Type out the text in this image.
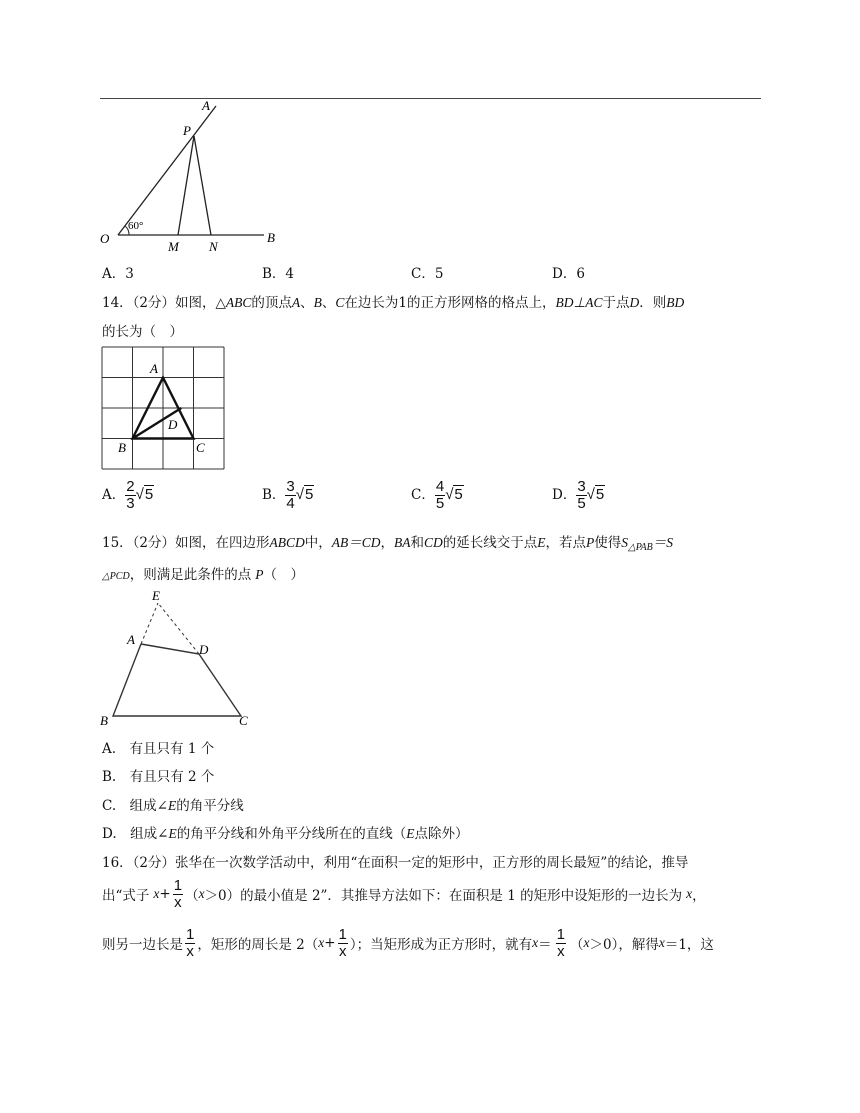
A
P
O
M N
B
60°
A．3	B．4	C．5	D．6
14．（2分）如图，△ABC的顶点A、B、C在边长为1的正方形网格的格点上，BD⊥AC于点D．则BD
的长为（　）
A
B	C
D
A． $\frac{2}{3} √5$	B． $\frac{3}{4} √5$	C． $\frac{4}{5} √5$	D． $\frac{3}{5} √5$
15．（2分）如图，在四边形ABCD中，AB＝CD，BA和CD的延长线交于点E，若点P使得$S_{\triangle PAB}=S$
△PCD，则满足此条件的点 P（　）
E
A
D
B	C
A.　有且只有 1 个
B.　有且只有 2 个
C.　组成∠E的角平分线
D.　组成∠E的角平分线和外角平分线所在的直线（E点除外）
16．（2分）张华在一次数学活动中，利用“在面积一定的矩形中，正方形的周长最短”的结论，推导
出“式子 $x + \frac{1}{x}$ （ x ＞0）的最小值是 2”．其推导方法如下：在面积是 1 的矩形中设矩形的一边长为 x ，
则另一边长是 $\frac{1}{x}$ ，矩形的周长是 2（ $x + \frac{1}{x}$ ）；当矩形成为正方形时，就有 $x = \frac{1}{x}$ （ x ＞0），解得 x ＝1，这
